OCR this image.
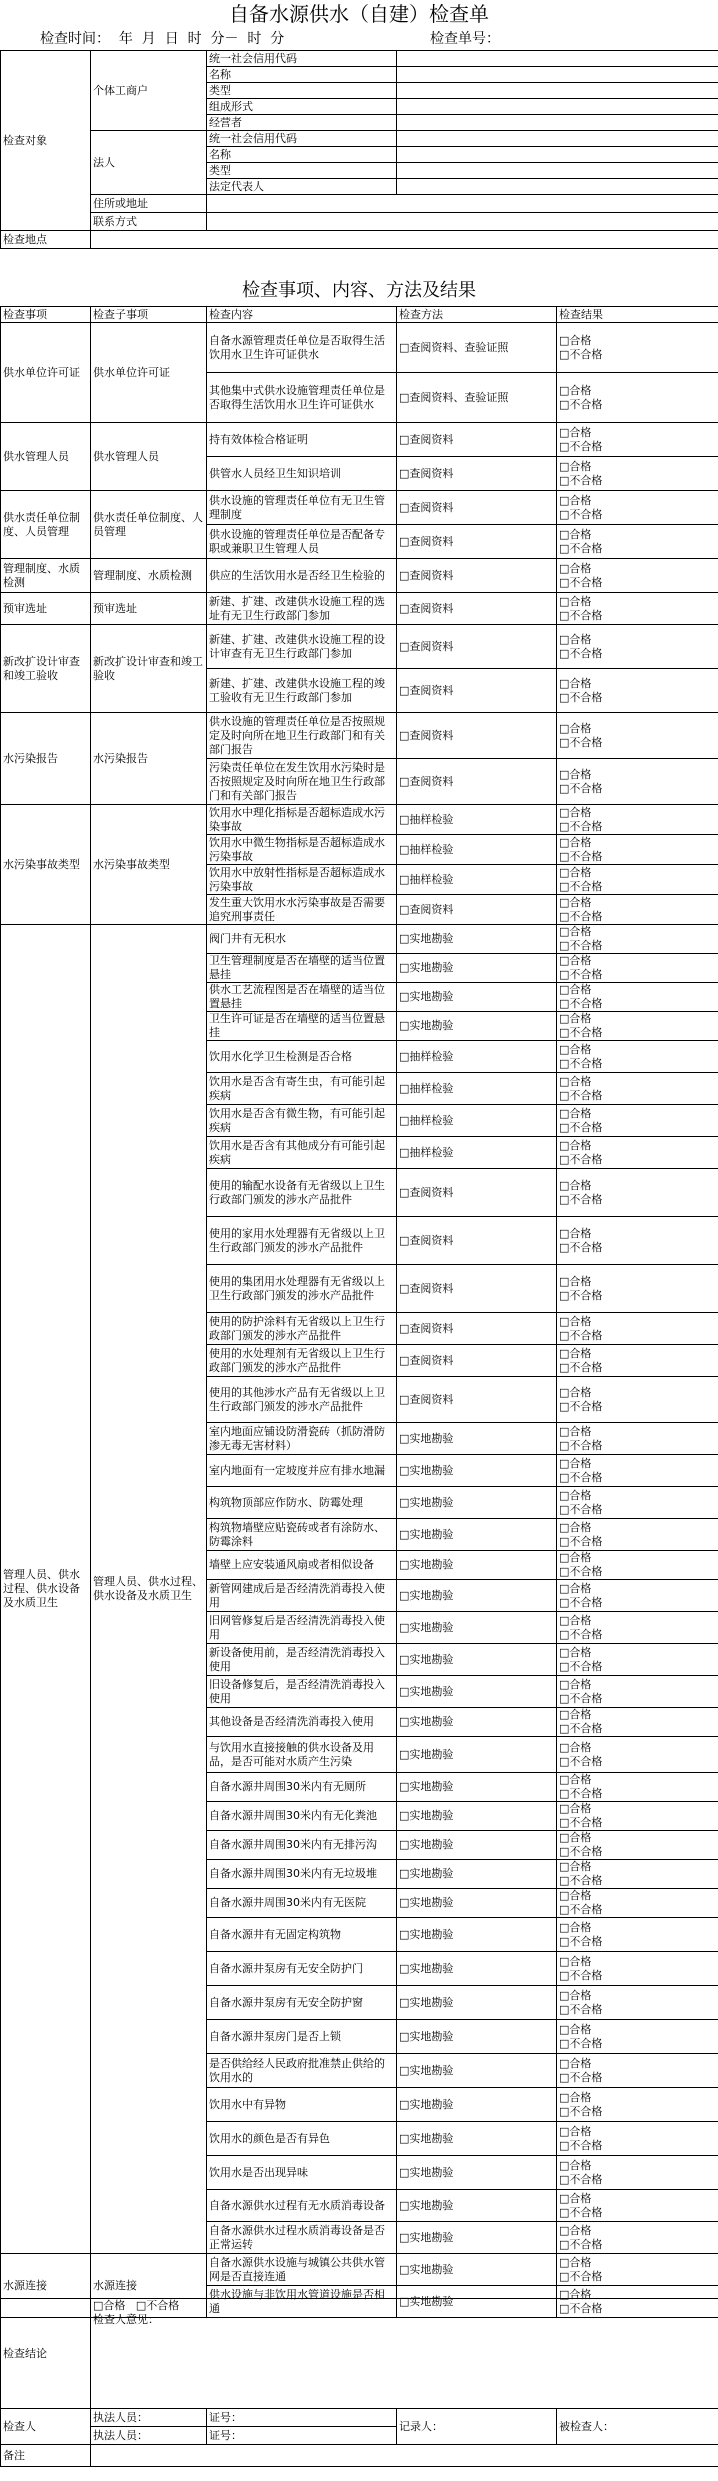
自备水源供水（自建）检查单
检查时间：  年  月  日  时  分－  时  分	检查单号：
检查对象	个体工商户	统一社会信用代码	
		名称	
		类型	
		组成形式	
		经营者	
	法人	统一社会信用代码	
		名称	
		类型	
		法定代表人	
	住所或地址		
	联系方式		
检查地点			
检查事项、内容、方法及结果
检查事项	检查子事项	检查内容	检查方法	检查结果
供水单位许可证	供水单位许可证	自备水源管理责任单位是否取得生活饮用水卫生许可证供水	□查阅资料、查验证照	□合格
□不合格

		其他集中式供水设施管理责任单位是否取得生活饮用水卫生许可证供水	□查阅资料、查验证照	□合格
□不合格

供水管理人员	供水管理人员	持有效体检合格证明	□查阅资料	□合格
□不合格

		供管水人员经卫生知识培训	□查阅资料	□合格
□不合格

供水责任单位制度、人员管理	供水责任单位制度、人员管理	供水设施的管理责任单位有无卫生管理制度	□查阅资料	□合格
□不合格

		供水设施的管理责任单位是否配备专职或兼职卫生管理人员	□查阅资料	□合格
□不合格

管理制度、水质检测	管理制度、水质检测	供应的生活饮用水是否经卫生检验的	□查阅资料	□合格
□不合格

预审选址	预审选址	新建、扩建、改建供水设施工程的选址有无卫生行政部门参加	□查阅资料	□合格
□不合格

新改扩设计审查和竣工验收	新改扩设计审查和竣工验收	新建、扩建、改建供水设施工程的设计审查有无卫生行政部门参加	□查阅资料	□合格
□不合格

		新建、扩建、改建供水设施工程的竣工验收有无卫生行政部门参加	□查阅资料	□合格
□不合格

水污染报告	水污染报告	供水设施的管理责任单位是否按照规定及时向所在地卫生行政部门和有关部门报告	□查阅资料	□合格
□不合格

		污染责任单位在发生饮用水污染时是否按照规定及时向所在地卫生行政部门和有关部门报告	□查阅资料	□合格
□不合格

水污染事故类型	水污染事故类型	饮用水中理化指标是否超标造成水污染事故	□抽样检验	□合格
□不合格

		饮用水中微生物指标是否超标造成水污染事故	□抽样检验	□合格
□不合格

		饮用水中放射性指标是否超标造成水污染事故	□抽样检验	□合格
□不合格

		发生重大饮用水水污染事故是否需要追究刑事责任	□查阅资料	□合格
□不合格

管理人员、供水过程、供水设备及水质卫生	管理人员、供水过程、供水设备及水质卫生	阀门井有无积水	□实地勘验	□合格
□不合格

		卫生管理制度是否在墙壁的适当位置悬挂	□实地勘验	□合格
□不合格

		供水工艺流程图是否在墙壁的适当位置悬挂	□实地勘验	□合格
□不合格

		卫生许可证是否在墙壁的适当位置悬挂	□实地勘验	□合格
□不合格

		饮用水化学卫生检测是否合格	□抽样检验	□合格
□不合格

		饮用水是否含有寄生虫，有可能引起疾病	□抽样检验	□合格
□不合格

		饮用水是否含有微生物，有可能引起疾病	□抽样检验	□合格
□不合格

		饮用水是否含有其他成分有可能引起疾病	□抽样检验	□合格
□不合格

		使用的输配水设备有无省级以上卫生行政部门颁发的涉水产品批件	□查阅资料	□合格
□不合格

		使用的家用水处理器有无省级以上卫生行政部门颁发的涉水产品批件	□查阅资料	□合格
□不合格

		使用的集团用水处理器有无省级以上卫生行政部门颁发的涉水产品批件	□查阅资料	□合格
□不合格

		使用的防护涂料有无省级以上卫生行政部门颁发的涉水产品批件	□查阅资料	□合格
□不合格

		使用的水处理剂有无省级以上卫生行政部门颁发的涉水产品批件	□查阅资料	□合格
□不合格

		使用的其他涉水产品有无省级以上卫生行政部门颁发的涉水产品批件	□查阅资料	□合格
□不合格

		室内地面应铺设防滑瓷砖（抓防滑防渗无毒无害材料）	□实地勘验	□合格
□不合格

		室内地面有一定坡度并应有排水地漏	□实地勘验	□合格
□不合格

		构筑物顶部应作防水、防霉处理	□实地勘验	□合格
□不合格

		构筑物墙壁应贴瓷砖或者有涂防水、防霉涂料	□实地勘验	□合格
□不合格

		墙壁上应安装通风扇或者相似设备	□实地勘验	□合格
□不合格

		新管网建成后是否经清洗消毒投入使用	□实地勘验	□合格
□不合格

		旧网管修复后是否经清洗消毒投入使用	□实地勘验	□合格
□不合格

		新设备使用前，是否经清洗消毒投入使用	□实地勘验	□合格
□不合格

		旧设备修复后，是否经清洗消毒投入使用	□实地勘验	□合格
□不合格

		其他设备是否经清洗消毒投入使用	□实地勘验	□合格
□不合格

		与饮用水直接接触的供水设备及用品，是否可能对水质产生污染	□实地勘验	□合格
□不合格

		自备水源井周围30米内有无厕所	□实地勘验	□合格
□不合格

		自备水源井周围30米内有无化粪池	□实地勘验	□合格
□不合格

		自备水源井周围30米内有无排污沟	□实地勘验	□合格
□不合格

		自备水源井周围30米内有无垃圾堆	□实地勘验	□合格
□不合格

		自备水源井周围30米内有无医院	□实地勘验	□合格
□不合格

		自备水源井有无固定构筑物	□实地勘验	□合格
□不合格

		自备水源井泵房有无安全防护门	□实地勘验	□合格
□不合格

		自备水源井泵房有无安全防护窗	□实地勘验	□合格
□不合格

		自备水源井泵房门是否上锁	□实地勘验	□合格
□不合格

		是否供给经人民政府批准禁止供给的饮用水的	□实地勘验	□合格
□不合格

		饮用水中有异物	□实地勘验	□合格
□不合格

		饮用水的颜色是否有异色	□实地勘验	□合格
□不合格

		饮用水是否出现异味	□实地勘验	□合格
□不合格

		自备水源供水过程有无水质消毒设备	□实地勘验	□合格
□不合格

		自备水源供水过程水质消毒设备是否正常运转	□实地勘验	□合格
□不合格

水源连接	水源连接	自备水源供水设施与城镇公共供水管网是否直接连通	□实地勘验	□合格
□不合格

		供水设施与非饮用水管道设施是否相通	□实地勘验	□合格
□不合格
检查结论	□合格 □不合格
检查人意见：			

检查人	执法人员：	证号：	记录人：	被检查人：
	执法人员：	证号：		
备注				
